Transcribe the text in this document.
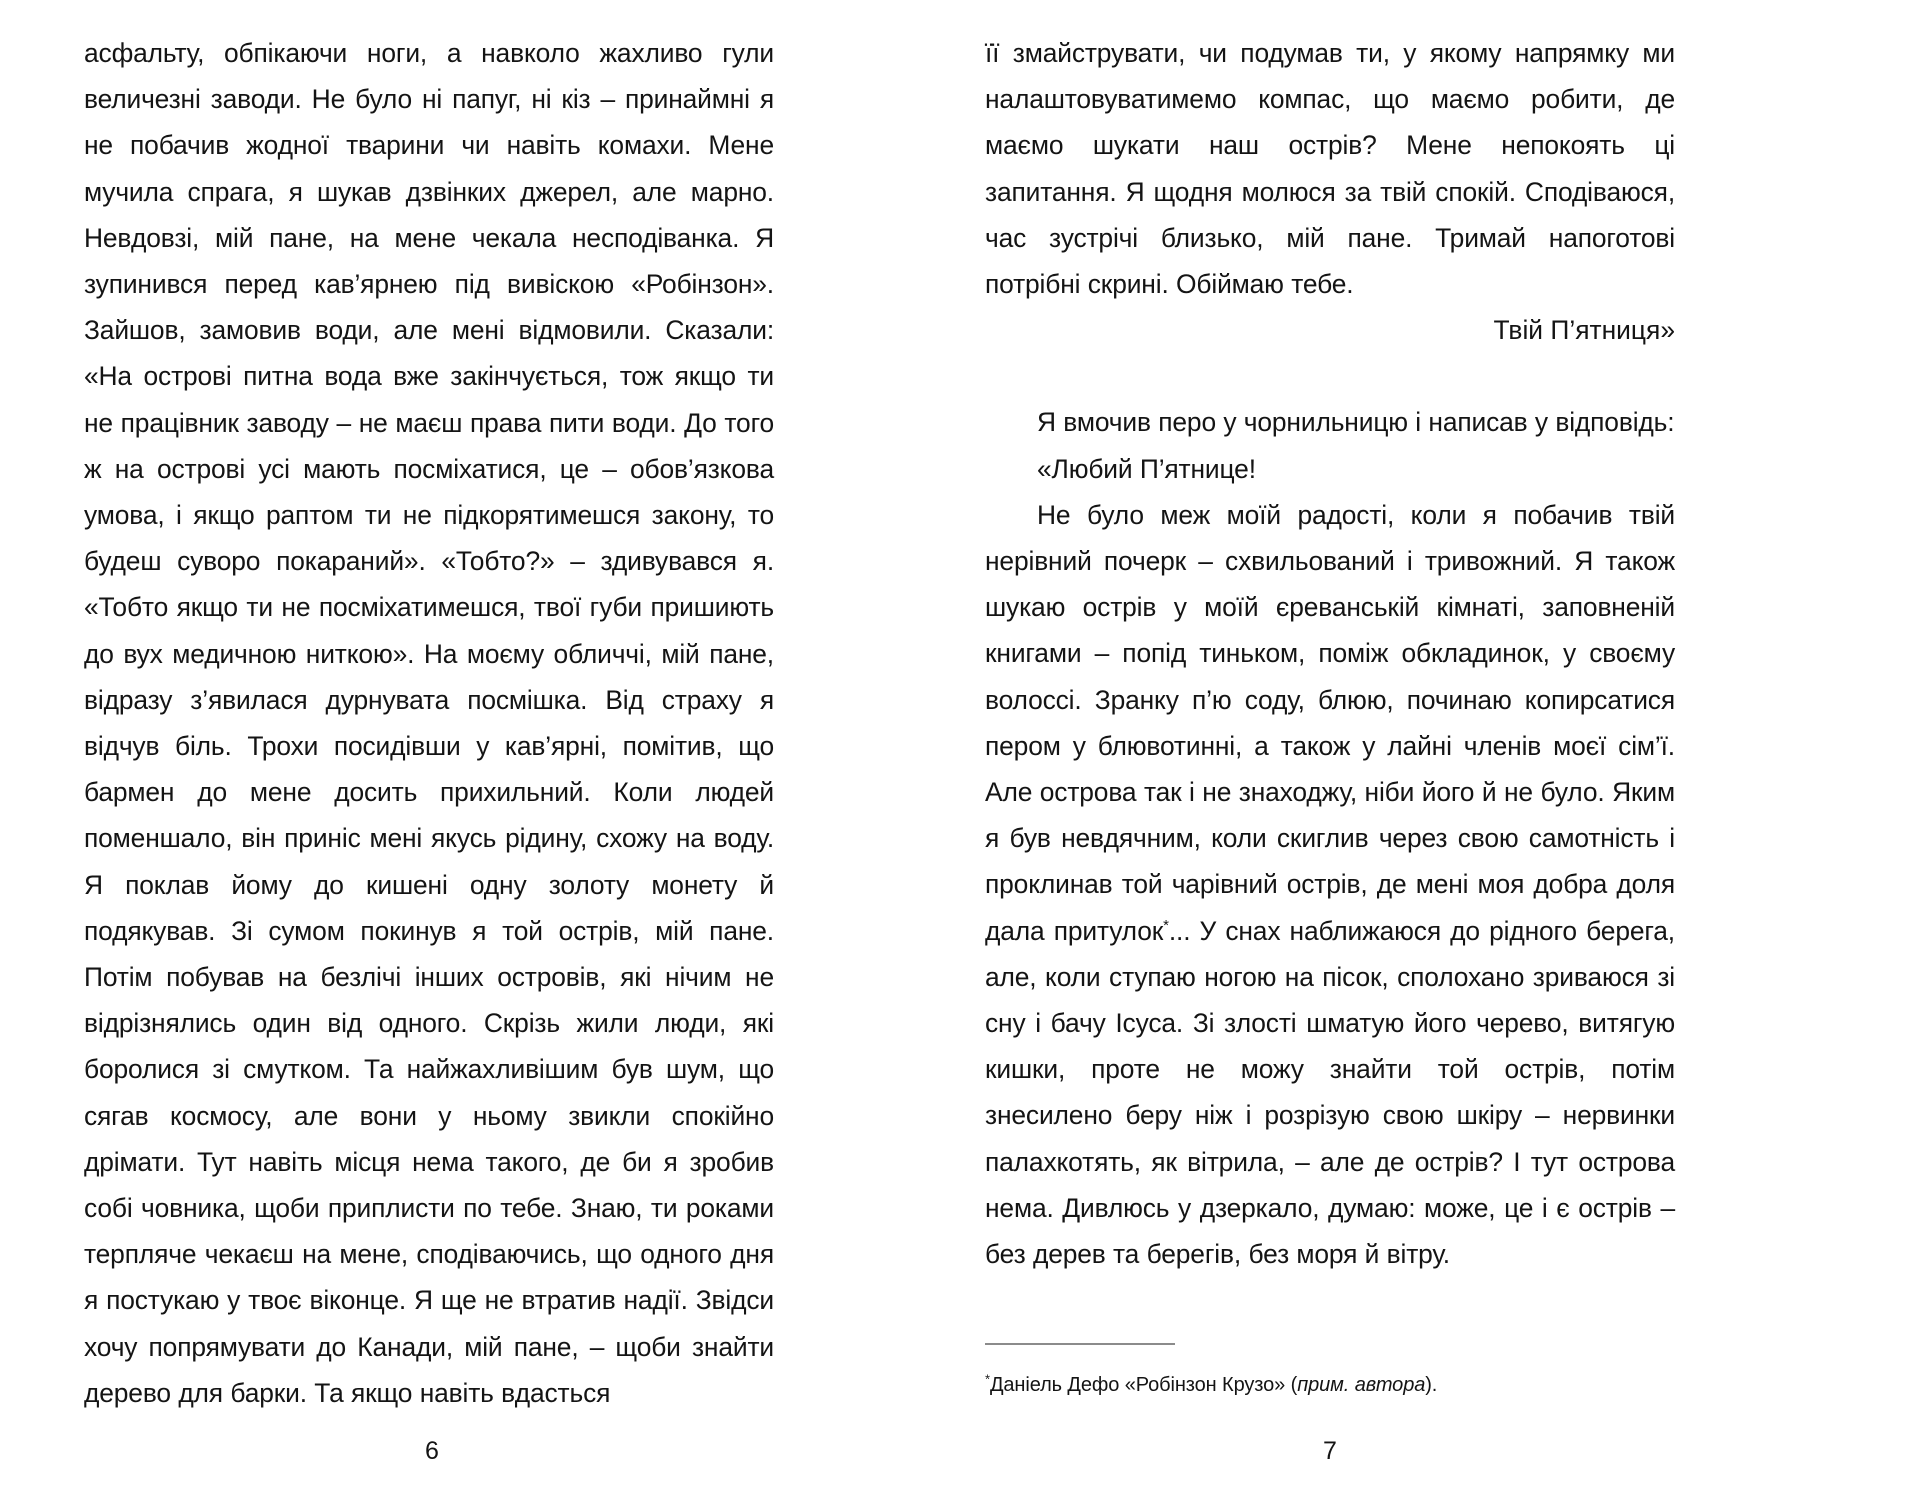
асфальту, обпікаючи ноги, а навколо жахливо гули величезні заводи. Не було ні папуг, ні кіз – принаймні я не побачив жодної тварини чи навіть комахи. Мене мучила спрага, я шукав дзвінких джерел, але марно. Невдовзі, мій пане, на мене чекала несподіванка. Я зупинився перед кав’ярнею під вивіскою «Робінзон». Зайшов, замовив води, але мені відмовили. Сказали: «На острові питна вода вже закінчується, тож якщо ти не працівник заводу – не маєш права пити води. До того ж на острові усі мають посміхатися, це – обов’язкова умова, і якщо раптом ти не підкорятимешся закону, то будеш суворо покараний». «Тобто?» – здивувався я. «Тобто якщо ти не посміхатимешся, твої губи пришиють до вух медичною ниткою». На моєму обличчі, мій пане, відразу з’явилася дурнувата посмішка. Від страху я відчув біль. Трохи посидівши у кав’ярні, помітив, що бармен до мене досить прихильний. Коли людей поменшало, він приніс мені якусь рідину, схожу на воду. Я поклав йому до кишені одну золоту монету й подякував. Зі сумом покинув я той острів, мій пане. Потім побував на безлічі інших островів, які нічим не відрізнялись один від одного. Скрізь жили люди, які боролися зі смутком. Та найжахливішим був шум, що сягав космосу, але вони у ньому звикли спокійно дрімати. Тут навіть місця нема такого, де би я зробив собі човника, щоби приплисти по тебе. Знаю, ти роками терпляче чекаєш на мене, сподіваючись, що одного дня я постукаю у твоє віконце. Я ще не втратив надії. Звідси хочу попрямувати до Канади, мій пане, – щоби знайти дерево для барки. Та якщо навіть вдасться

6

її змайструвати, чи подумав ти, у якому напрямку ми налаштовуватимемо компас, що маємо робити, де маємо шукати наш острів? Мене непокоять ці запитання. Я щодня молюся за твій спокій. Сподіваюся, час зустрічі близько, мій пане. Тримай напоготові потрібні скрині. Обіймаю тебе.

Твій П’ятниця»

Я вмочив перо у чорнильницю і написав у відповідь:

«Любий П’ятнице!

Не було меж моїй радості, коли я побачив твій нерівний почерк – схвильований і тривожний. Я також шукаю острів у моїй єреванській кімнаті, заповненій книгами – попід тиньком, поміж обкладинок, у своєму волоссі. Зранку п’ю соду, блюю, починаю копирсатися пером у блювотинні, а також у лайні членів моєї сім’ї. Але острова так і не знаходжу, ніби його й не було. Яким я був невдячним, коли скиглив через свою самотність і проклинав той чарівний острів, де мені моя добра доля дала притулок*... У снах наближаюся до рідного берега, але, коли ступаю ногою на пісок, сполохано зриваюся зі сну і бачу Ісуса. Зі злості шматую його черево, витягую кишки, проте не можу знайти той острів, потім знесилено беру ніж і розрізую свою шкіру – нервинки палахкотять, як вітрила, – але де острів? І тут острова нема. Дивлюсь у дзеркало, думаю: може, це і є острів – без дерев та берегів, без моря й вітру.

*Даніель Дефо «Робінзон Крузо» (прим. автора).

7
